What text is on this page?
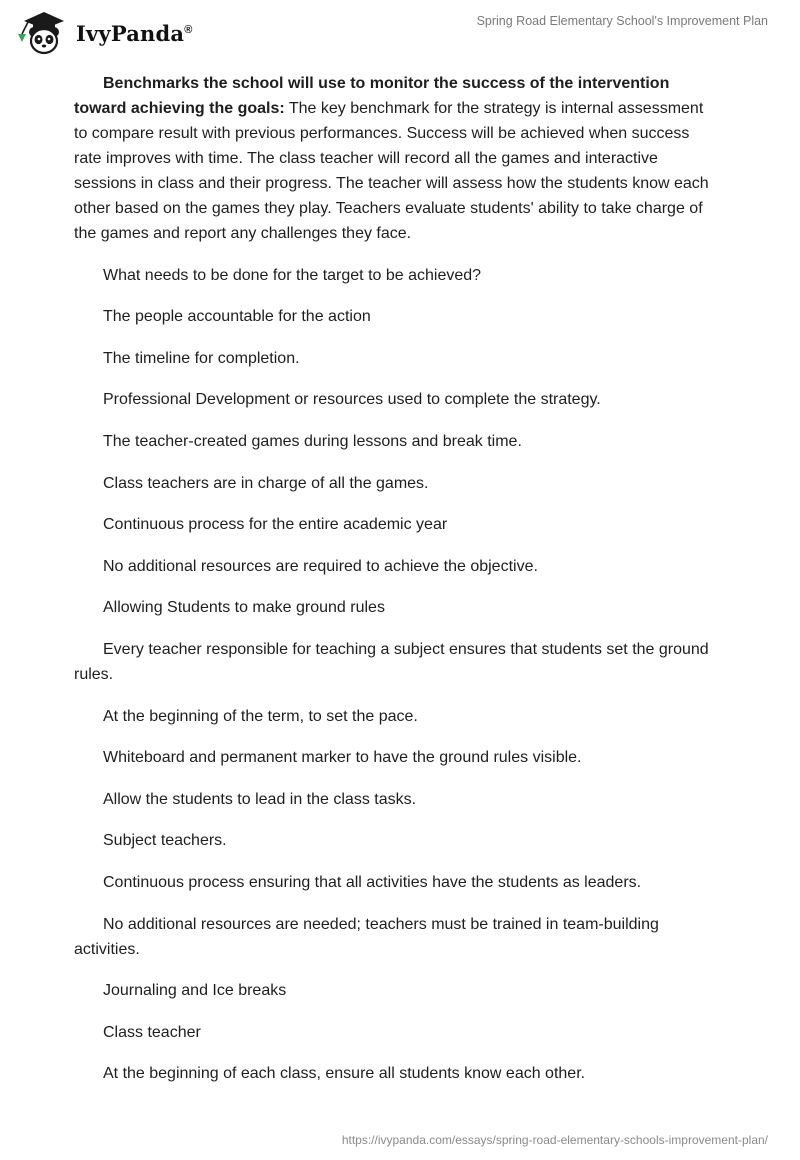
IvyPanda®
Spring Road Elementary School's Improvement Plan

Benchmarks the school will use to monitor the success of the intervention toward achieving the goals: The key benchmark for the strategy is internal assessment to compare result with previous performances. Success will be achieved when success rate improves with time. The class teacher will record all the games and interactive sessions in class and their progress. The teacher will assess how the students know each other based on the games they play. Teachers evaluate students' ability to take charge of the games and report any challenges they face.

What needs to be done for the target to be achieved?

The people accountable for the action

The timeline for completion.

Professional Development or resources used to complete the strategy.

The teacher-created games during lessons and break time.

Class teachers are in charge of all the games.

Continuous process for the entire academic year

No additional resources are required to achieve the objective.

Allowing Students to make ground rules

Every teacher responsible for teaching a subject ensures that students set the ground rules.

At the beginning of the term, to set the pace.

Whiteboard and permanent marker to have the ground rules visible.

Allow the students to lead in the class tasks.

Subject teachers.

Continuous process ensuring that all activities have the students as leaders.

No additional resources are needed; teachers must be trained in team-building activities.

Journaling and Ice breaks

Class teacher

At the beginning of each class, ensure all students know each other.

https://ivypanda.com/essays/spring-road-elementary-schools-improvement-plan/
